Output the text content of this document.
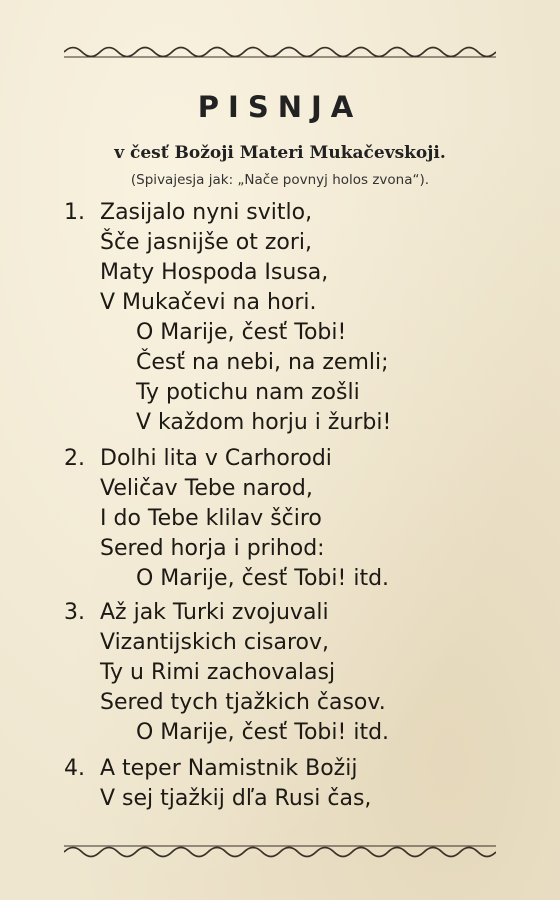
PISNJA
v česť Božoji Materi Mukačevskoji.
(Spivajesja jak: „Nače povnyj holos zvona“).
1. Zasijalo nyni svitlo,
Šče jasnijše ot zori,
Maty Hospoda Isusa,
V Mukačevi na hori.
O Marije, česť Tobi!
Česť na nebi, na zemli;
Ty potichu nam zošli
V každom horju i žurbi!
2. Dolhi lita v Carhorodi
Veličav Tebe narod,
I do Tebe klilav ščiro
Sered horja i prihod:
O Marije, česť Tobi! itd.
3. Až jak Turki zvojuvali
Vizantijskich cisarov,
Ty u Rimi zachovalasj
Sered tych tjažkich časov.
O Marije, česť Tobi! itd.
4. A teper Namistnik Božij
V sej tjažkij dľa Rusi čas,
